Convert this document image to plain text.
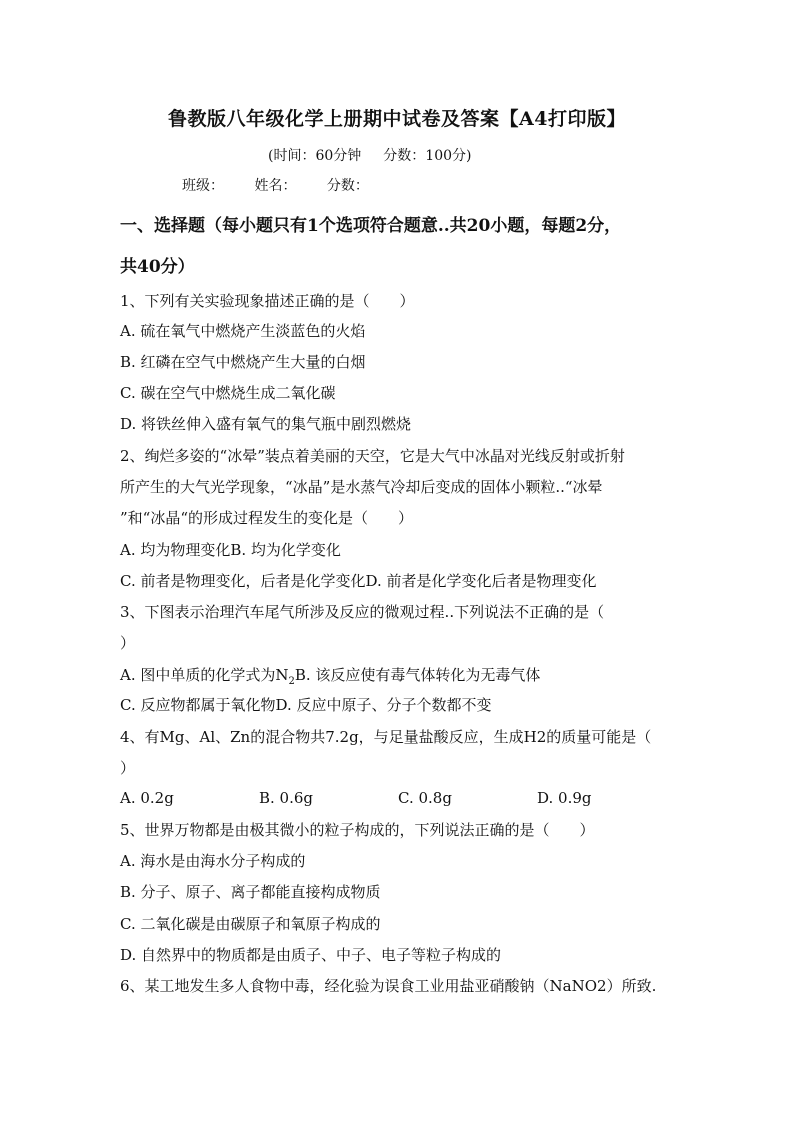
鲁教版八年级化学上册期中试卷及答案【A4打印版】
(时间：60分钟 分数：100分)
班级： 姓名： 分数：
一、选择题（每小题只有1个选项符合题意..共20小题，每题2分，
共40分）
1、下列有关实验现象描述正确的是（　　）
A. 硫在氧气中燃烧产生淡蓝色的火焰
B. 红磷在空气中燃烧产生大量的白烟
C. 碳在空气中燃烧生成二氧化碳
D. 将铁丝伸入盛有氧气的集气瓶中剧烈燃烧
2、绚烂多姿的“冰晕”装点着美丽的天空，它是大气中冰晶对光线反射或折射
所产生的大气光学现象，“冰晶”是水蒸气冷却后变成的固体小颗粒..“冰晕
”和“冰晶“的形成过程发生的变化是（　　）
A. 均为物理变化B. 均为化学变化
C. 前者是物理变化，后者是化学变化D. 前者是化学变化后者是物理变化
3、下图表示治理汽车尾气所涉及反应的微观过程..下列说法不正确的是（
）
A. 图中单质的化学式为$N_2B$. 该反应使有毒气体转化为无毒气体
C. 反应物都属于氧化物D. 反应中原子、分子个数都不变
4、有Mg、Al、Zn的混合物共7.2g，与足量盐酸反应，生成H2的质量可能是（
）
A. 0.2g	B. 0.6g	C. 0.8g	D. 0.9g
5、世界万物都是由极其微小的粒子构成的，下列说法正确的是（　　）
A. 海水是由海水分子构成的
B. 分子、原子、离子都能直接构成物质
C. 二氧化碳是由碳原子和氧原子构成的
D. 自然界中的物质都是由质子、中子、电子等粒子构成的
6、某工地发生多人食物中毒，经化验为误食工业用盐亚硝酸钠（NaNO2）所致.
